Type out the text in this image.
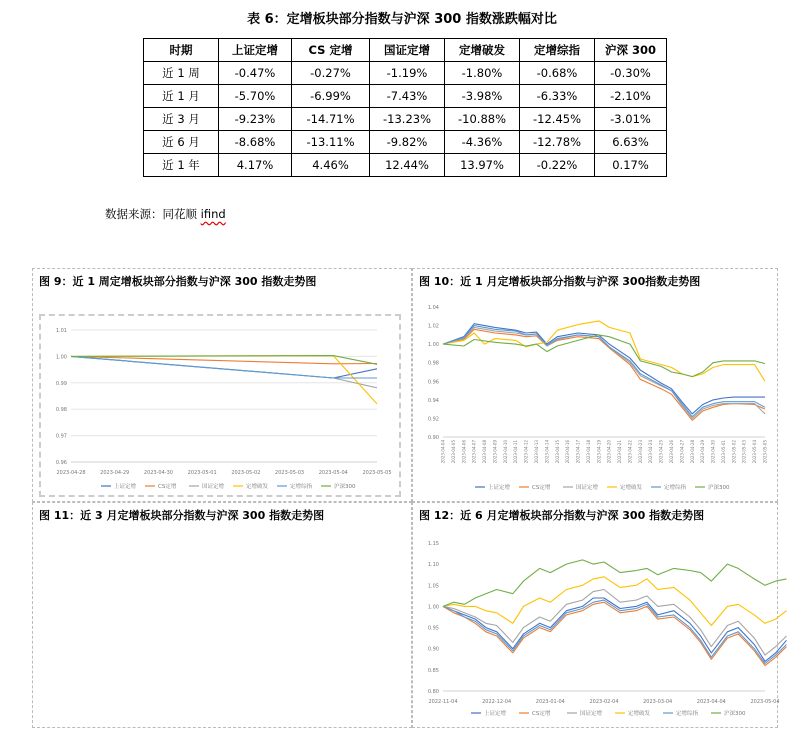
表 6：定增板块部分指数与沪深 300 指数涨跌幅对比
时期	上证定增	CS 定增	国证定增	定增破发	定增综指	沪深 300
近 1 周	-0.47%	-0.27%	-1.19%	-1.80%	-0.68%	-0.30%
近 1 月	-5.70%	-6.99%	-7.43%	-3.98%	-6.33%	-2.10%
近 3 月	-9.23%	-14.71%	-13.23%	-10.88%	-12.45%	-3.01%
近 6 月	-8.68%	-13.11%	-9.82%	-4.36%	-12.78%	6.63%
近 1 年	4.17%	4.46%	12.44%	13.97%	-0.22%	0.17%
数据来源：同花顺 ifind
图 9：近 1 周定增板块部分指数与沪深 300 指数走势图
1.01
1.00
0.99
0.98
0.97
0.96
2023-04-28	2023-04-29	2023-04-30	2023-05-01	2023-05-02	2023-05-03	2023-05-04	2023-05-05
上证定增	CS定增	国证定增	定增破发	定增综指	沪深300
图 10：近 1 月定增板块部分指数与沪深 300指数走势图
1.04
1.02
1.00
0.98
0.96
0.94
0.92
0.90
2023-04-04 2023-04-05 2023-04-06 2023-04-07 2023-04-08 2023-04-09 2023-04-10 2023-04-11 2023-04-12 2023-04-13 2023-04-14 2023-04-15 2023-04-16 2023-04-17 2023-04-18 2023-04-19 2023-04-20 2023-04-21 2023-04-22 2023-04-23 2023-04-24 2023-04-25 2023-04-26 2023-04-27 2023-04-28 2023-04-29 2023-04-30 2023-05-01 2023-05-02 2023-05-03 2023-05-04 2023-05-05
上证定增	CS定增	国证定增	定增破发	定增综指	沪深300
图 11：近 3 月定增板块部分指数与沪深 300 指数走势图	图 12：近 6 月定增板块部分指数与沪深 300 指数走势图
1.15
1.10
1.05
1.00
0.95
0.90
0.85
0.80
2022-11-04	2022-12-04	2023-01-04	2023-02-04	2023-03-04	2023-04-04	2023-05-04
上证定增	CS定增	国证定增	定增破发	定增综指	沪深300
